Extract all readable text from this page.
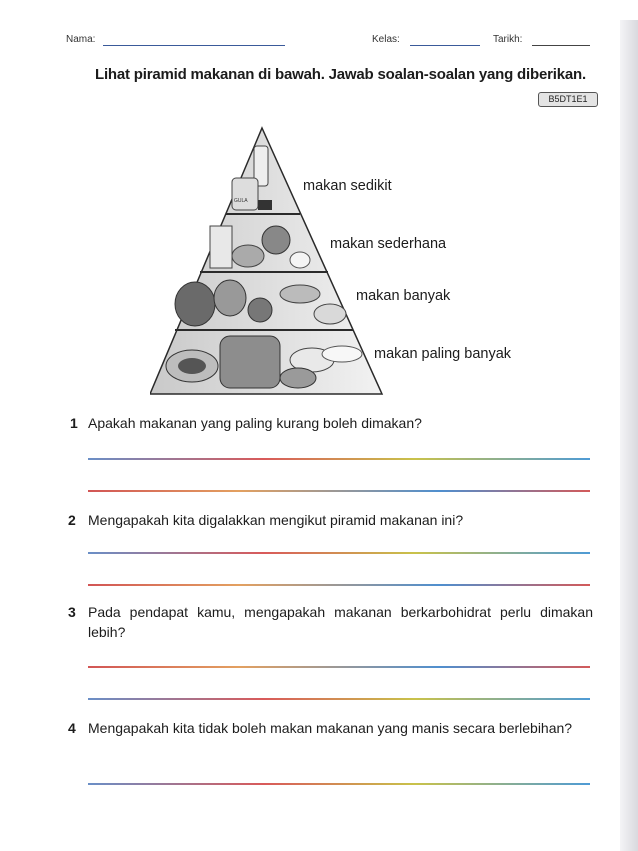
Nama:	Kelas:	Tarikh:
Lihat piramid makanan di bawah. Jawab soalan-soalan yang diberikan.
B5DT1E1
GULA
makan sedikit
makan sederhana
makan banyak
makan paling banyak
1 Apakah makanan yang paling kurang boleh dimakan?
2 Mengapakah kita digalakkan mengikut piramid makanan ini?
3 Pada pendapat kamu, mengapakah makanan berkarbohidrat perlu dimakan lebih?
4 Mengapakah kita tidak boleh makan makanan yang manis secara berlebihan?
